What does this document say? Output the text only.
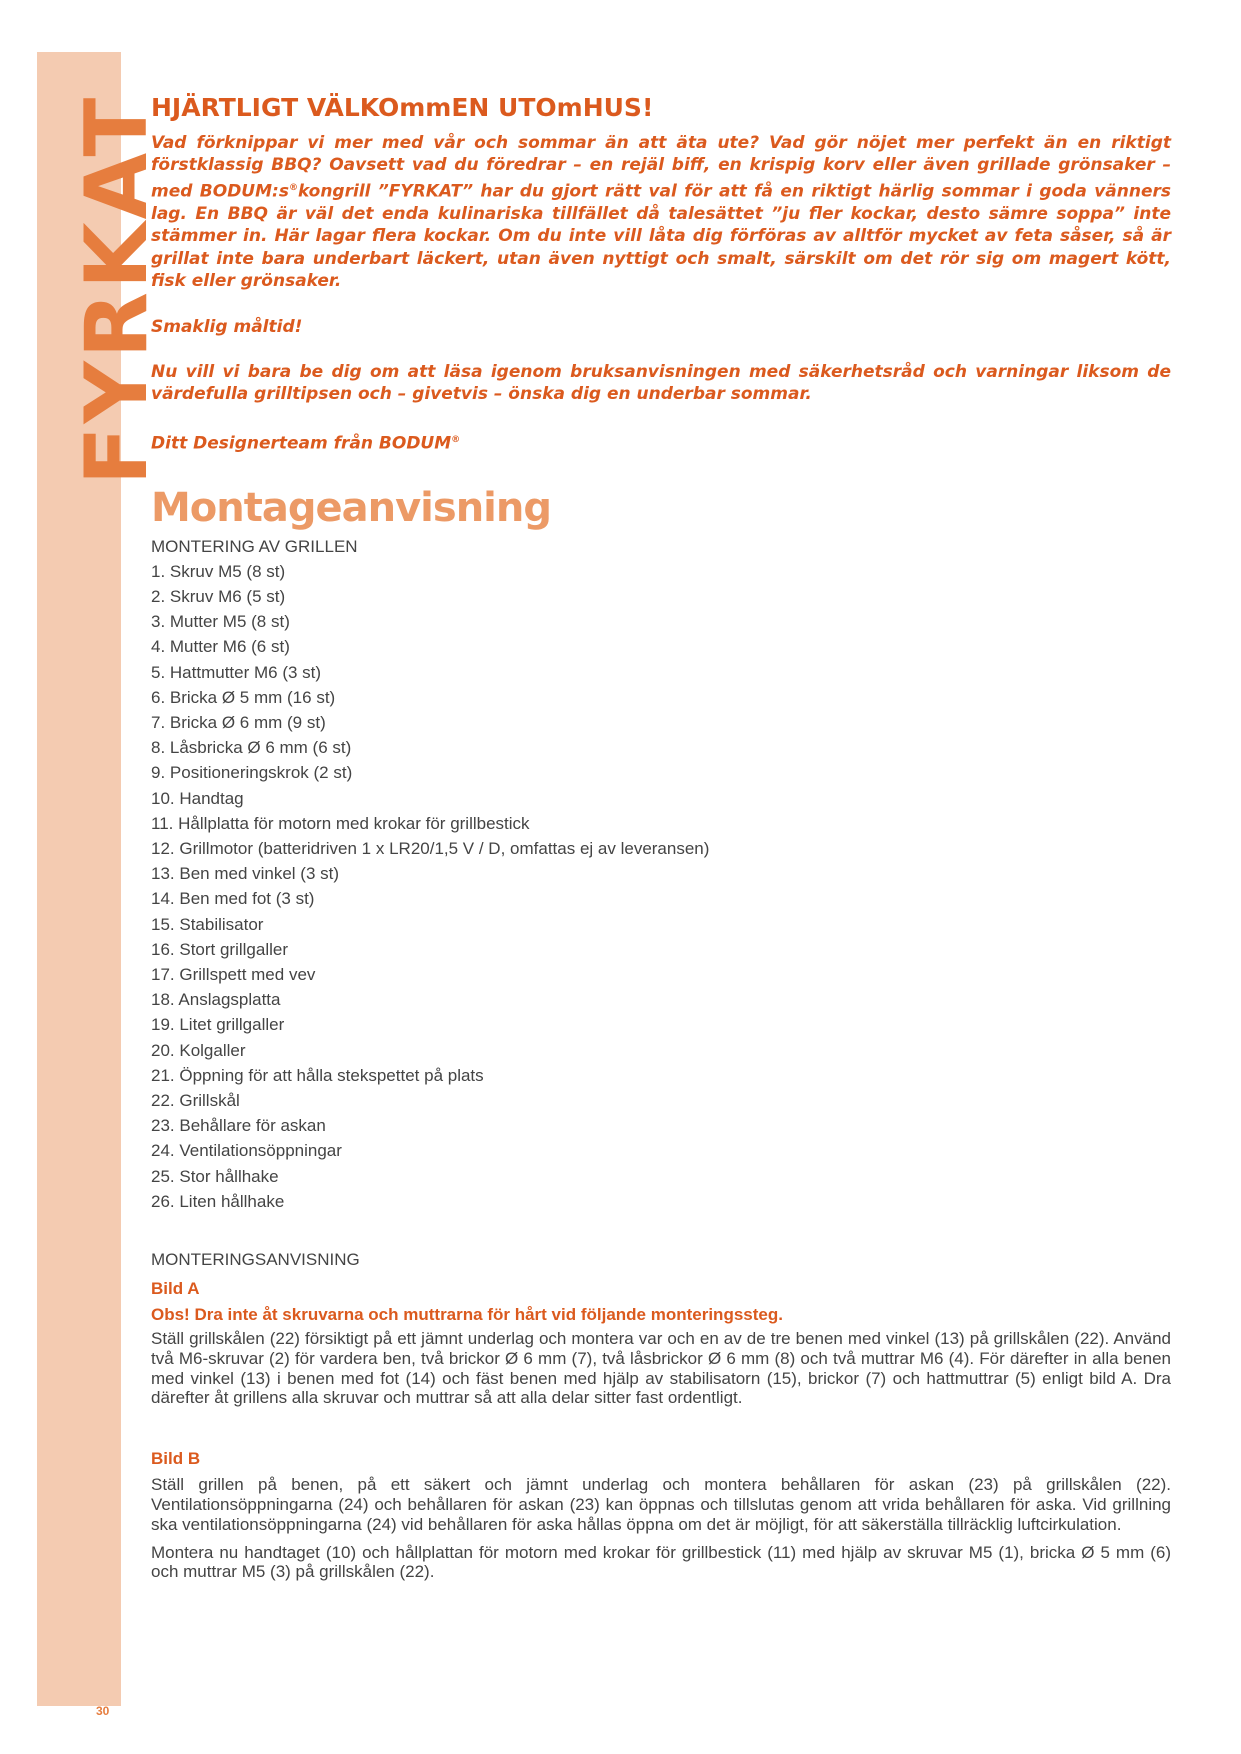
FYRKAT
30
HJÄRTLIGT VÄLKOmmEN UTOmHUS!

Vad förknippar vi mer med vår och sommar än att äta ute? Vad gör nöjet mer perfekt än en riktigt förstklassig BBQ? Oavsett vad du föredrar – en rejäl biff, en krispig korv eller även grillade grönsaker – med BODUM:s®kongrill ”FYRKAT” har du gjort rätt val för att få en riktigt härlig sommar i goda vänners lag. En BBQ är väl det enda kulinariska tillfället då talesättet ”ju fler kockar, desto sämre soppa” inte stämmer in. Här lagar flera kockar. Om du inte vill låta dig förföras av alltför mycket av feta såser, så är grillat inte bara underbart läckert, utan även nyttigt och smalt, särskilt om det rör sig om magert kött, fisk eller grönsaker.

Smaklig måltid!

Nu vill vi bara be dig om att läsa igenom bruksanvisningen med säkerhetsråd och varningar liksom de värdefulla grilltipsen och – givetvis – önska dig en underbar sommar.

Ditt Designerteam från BODUM®

Montageanvisning
MONTERING AV GRILLEN
1. Skruv M5 (8 st)
2. Skruv M6 (5 st)
3. Mutter M5 (8 st)
4. Mutter M6 (6 st)
5. Hattmutter M6 (3 st)
6. Bricka Ø 5 mm (16 st)
7. Bricka Ø 6 mm (9 st)
8. Låsbricka Ø 6 mm (6 st)
9. Positioneringskrok (2 st)
10. Handtag
11. Hållplatta för motorn med krokar för grillbestick
12. Grillmotor (batteridriven 1 x LR20/1,5 V / D, omfattas ej av leveransen)
13. Ben med vinkel (3 st)
14. Ben med fot (3 st)
15. Stabilisator
16. Stort grillgaller
17. Grillspett med vev
18. Anslagsplatta
19. Litet grillgaller
20. Kolgaller
21. Öppning för att hålla stekspettet på plats
22. Grillskål
23. Behållare för askan
24. Ventilationsöppningar
25. Stor hållhake
26. Liten hållhake
MONTERINGSANVISNING
Bild A
Obs! Dra inte åt skruvarna och muttrarna för hårt vid följande monteringssteg.

Ställ grillskålen (22) försiktigt på ett jämnt underlag och montera var och en av de tre benen med vinkel (13) på grillskålen (22). Använd två M6-skruvar (2) för vardera ben, två brickor Ø 6 mm (7), två låsbrickor Ø 6 mm (8) och två muttrar M6 (4). För därefter in alla benen med vinkel (13) i benen med fot (14) och fäst benen med hjälp av stabilisatorn (15), brickor (7) och hattmuttrar (5) enligt bild A. Dra därefter åt grillens alla skruvar och muttrar så att alla delar sitter fast ordentligt.

Bild B

Ställ grillen på benen, på ett säkert och jämnt underlag och montera behållaren för askan (23) på grillskålen (22). Ventilationsöppningarna (24) och behållaren för askan (23) kan öppnas och tillslutas genom att vrida behållaren för aska. Vid grillning ska ventilationsöppningarna (24) vid behållaren för aska hållas öppna om det är möjligt, för att säkerställa tillräcklig luftcirkulation.

Montera nu handtaget (10) och hållplattan för motorn med krokar för grillbestick (11) med hjälp av skruvar M5 (1), bricka Ø 5 mm (6) och muttrar M5 (3) på grillskålen (22).
